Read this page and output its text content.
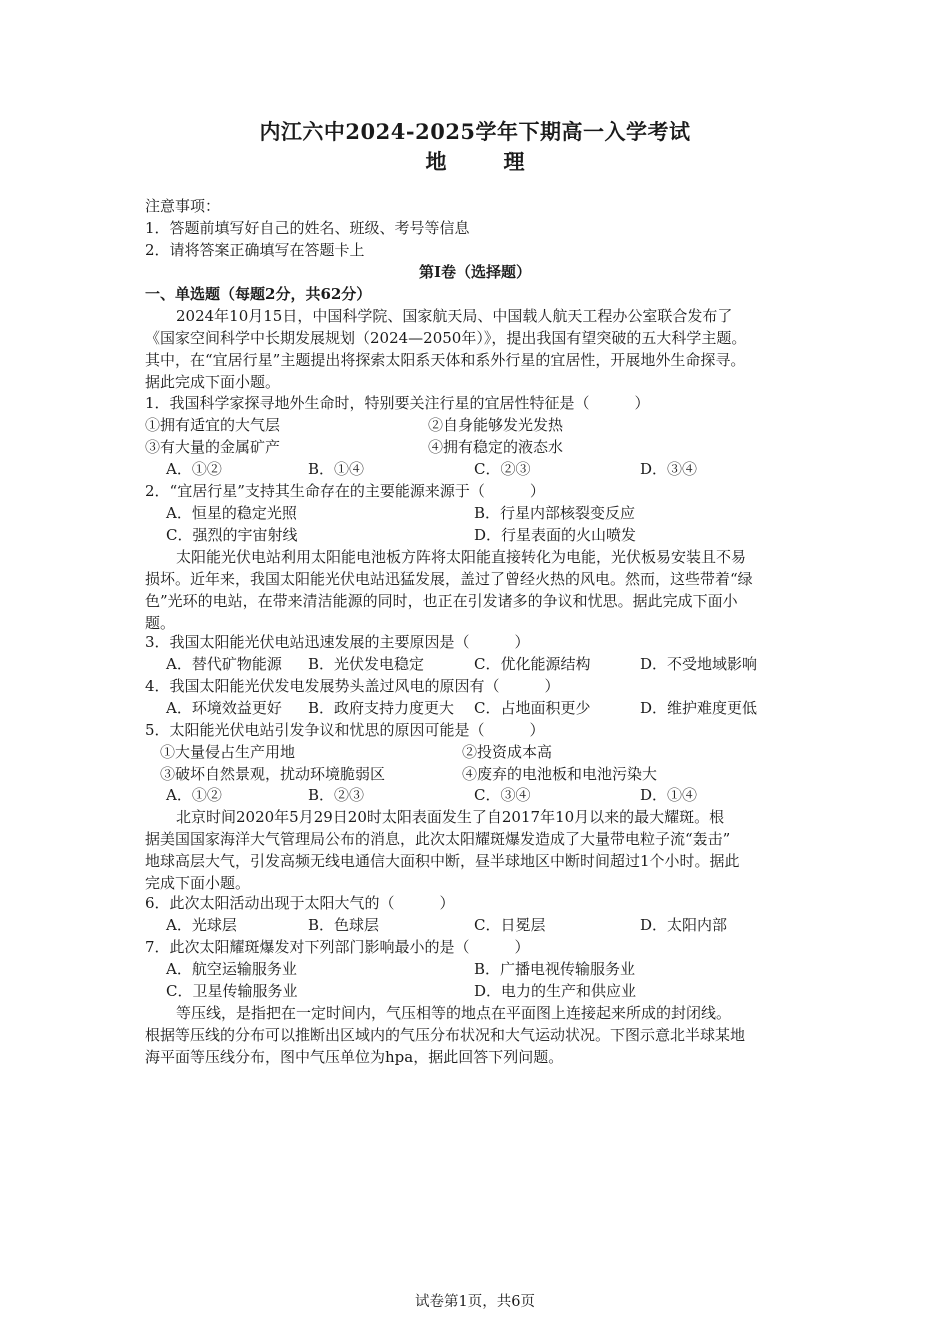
内江六中2024-2025学年下期高一入学考试
地　理
注意事项：
1．答题前填写好自己的姓名、班级、考号等信息
2．请将答案正确填写在答题卡上
第Ⅰ卷（选择题）
一、单选题（每题2分，共62分）
2024年10月15日，中国科学院、国家航天局、中国载人航天工程办公室联合发布了
《国家空间科学中长期发展规划（2024—2050年）》，提出我国有望突破的五大科学主题。
其中，在“宜居行星”主题提出将探索太阳系天体和系外行星的宜居性，开展地外生命探寻。
据此完成下面小题。
1．我国科学家探寻地外生命时，特别要关注行星的宜居性特征是（　　　）
①拥有适宜的大气层	②自身能够发光发热
③有大量的金属矿产	④拥有稳定的液态水
A．①②	B．①④	C．②③	D．③④
2．“宜居行星”支持其生命存在的主要能源来源于（　　　）
A．恒星的稳定光照	B．行星内部核裂变反应
C．强烈的宇宙射线	D．行星表面的火山喷发
太阳能光伏电站利用太阳能电池板方阵将太阳能直接转化为电能，光伏板易安装且不易
损坏。近年来，我国太阳能光伏电站迅猛发展，盖过了曾经火热的风电。然而，这些带着“绿
色”光环的电站，在带来清洁能源的同时，也正在引发诸多的争议和忧思。据此完成下面小
题。
3．我国太阳能光伏电站迅速发展的主要原因是（　　　）
A．替代矿物能源 B．光伏发电稳定	C．优化能源结构	D．不受地域影响
4．我国太阳能光伏发电发展势头盖过风电的原因有（　　　）
A．环境效益更好 B．政府支持力度更大 C．占地面积更少	D．维护难度更低
5．太阳能光伏电站引发争议和忧思的原因可能是（　　　）
①大量侵占生产用地	②投资成本高
③破坏自然景观，扰动环境脆弱区	④废弃的电池板和电池污染大
A．①②	B．②③	C．③④	D．①④
北京时间2020年5月29日20时太阳表面发生了自2017年10月以来的最大耀斑。根
据美国国家海洋大气管理局公布的消息，此次太阳耀斑爆发造成了大量带电粒子流“轰击”
地球高层大气，引发高频无线电通信大面积中断，昼半球地区中断时间超过1个小时。据此
完成下面小题。
6．此次太阳活动出现于太阳大气的（　　　）
A．光球层	B．色球层	C．日冕层	D．太阳内部
7．此次太阳耀斑爆发对下列部门影响最小的是（　　　）
A．航空运输服务业	B．广播电视传输服务业
C．卫星传输服务业	D．电力的生产和供应业
等压线，是指把在一定时间内，气压相等的地点在平面图上连接起来所成的封闭线。
根据等压线的分布可以推断出区域内的气压分布状况和大气运动状况。下图示意北半球某地
海平面等压线分布，图中气压单位为hpa，据此回答下列问题。
试卷第1页，共6页
